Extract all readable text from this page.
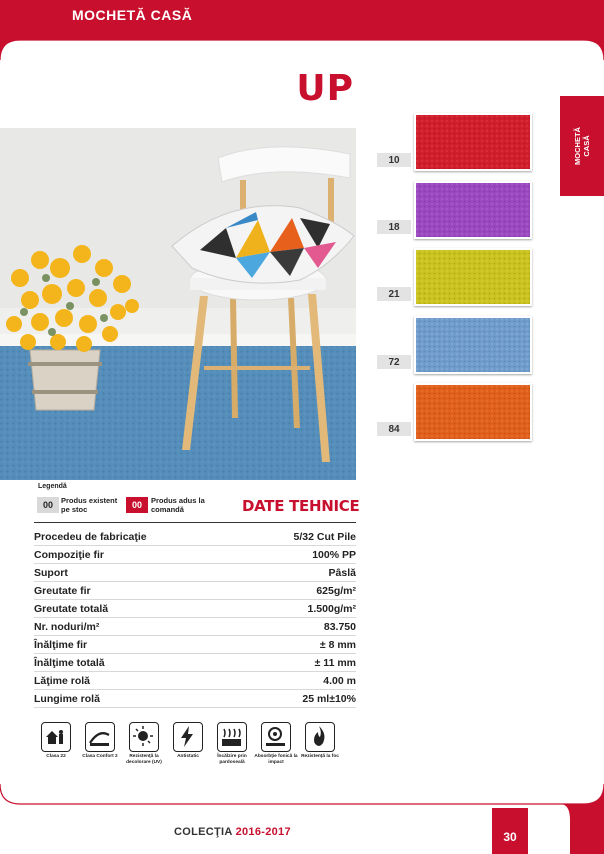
MOCHETĂ CASĂ
UP
MOCHETĂ
CASĂ
10
18
21
72
84
Legendă
00	Produs existent pe stoc	00	Produs adus la comandă	DATE TEHNICE
Procedeu de fabricaţie	5/32 Cut Pile
Compoziţie fir	100% PP
Suport	Pâslă
Greutate fir	625g/m²
Greutate totală	1.500g/m²
Nr. noduri/m²	83.750
Înălţime fir	± 8 mm
Înălţime totală	± 11 mm
Lăţime rolă	4.00 m
Lungime rolă	25 ml±10%
Clasa 22	Clasa Confort 2	Rezistenţă la decolorare (UV)
Antistatic	Încălzire prin pardoseală
Absorbţie fonică la impact
Rezistenţă la foc
COLECŢIA 2016-2017	30
